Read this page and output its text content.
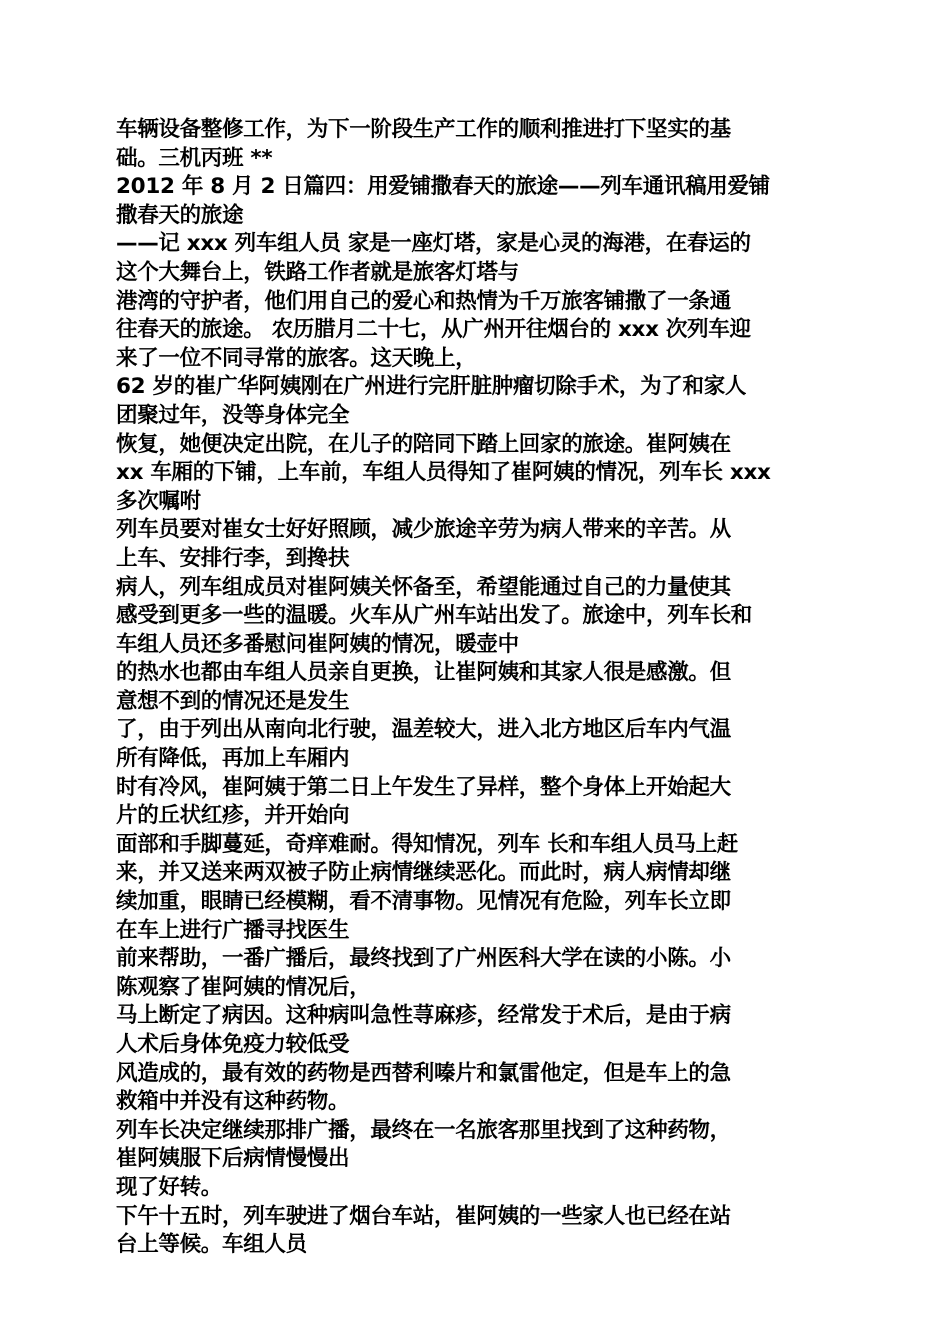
车辆设备整修工作，为下一阶段生产工作的顺利推进打下坚实的基
础。三机丙班 **
2012 年 8 月 2 日篇四：用爱铺撒春天的旅途——列车通讯稿用爱铺
撒春天的旅途
——记 xxx 列车组人员 家是一座灯塔，家是心灵的海港，在春运的
这个大舞台上，铁路工作者就是旅客灯塔与
港湾的守护者，他们用自己的爱心和热情为千万旅客铺撒了一条通
往春天的旅途。 农历腊月二十七，从广州开往烟台的 xxx 次列车迎
来了一位不同寻常的旅客。这天晚上，
62 岁的崔广华阿姨刚在广州进行完肝脏肿瘤切除手术，为了和家人
团聚过年，没等身体完全
恢复，她便决定出院，在儿子的陪同下踏上回家的旅途。崔阿姨在
xx 车厢的下铺，上车前，车组人员得知了崔阿姨的情况，列车长 xxx
多次嘱咐
列车员要对崔女士好好照顾，减少旅途辛劳为病人带来的辛苦。从
上车、安排行李，到搀扶
病人，列车组成员对崔阿姨关怀备至，希望能通过自己的力量使其
感受到更多一些的温暖。火车从广州车站出发了。旅途中，列车长和
车组人员还多番慰问崔阿姨的情况，暖壶中
的热水也都由车组人员亲自更换，让崔阿姨和其家人很是感激。但
意想不到的情况还是发生
了，由于列出从南向北行驶，温差较大，进入北方地区后车内气温
所有降低，再加上车厢内
时有冷风，崔阿姨于第二日上午发生了异样，整个身体上开始起大
片的丘状红疹，并开始向
面部和手脚蔓延，奇痒难耐。得知情况，列车 长和车组人员马上赶
来，并又送来两双被子防止病情继续恶化。而此时，病人病情却继
续加重，眼睛已经模糊，看不清事物。见情况有危险，列车长立即
在车上进行广播寻找医生
前来帮助，一番广播后，最终找到了广州医科大学在读的小陈。小
陈观察了崔阿姨的情况后，
马上断定了病因。这种病叫急性荨麻疹，经常发于术后，是由于病
人术后身体免疫力较低受
风造成的，最有效的药物是西替利嗪片和氯雷他定，但是车上的急
救箱中并没有这种药物。
列车长决定继续那排广播，最终在一名旅客那里找到了这种药物，
崔阿姨服下后病情慢慢出
现了好转。
下午十五时，列车驶进了烟台车站，崔阿姨的一些家人也已经在站
台上等候。车组人员
